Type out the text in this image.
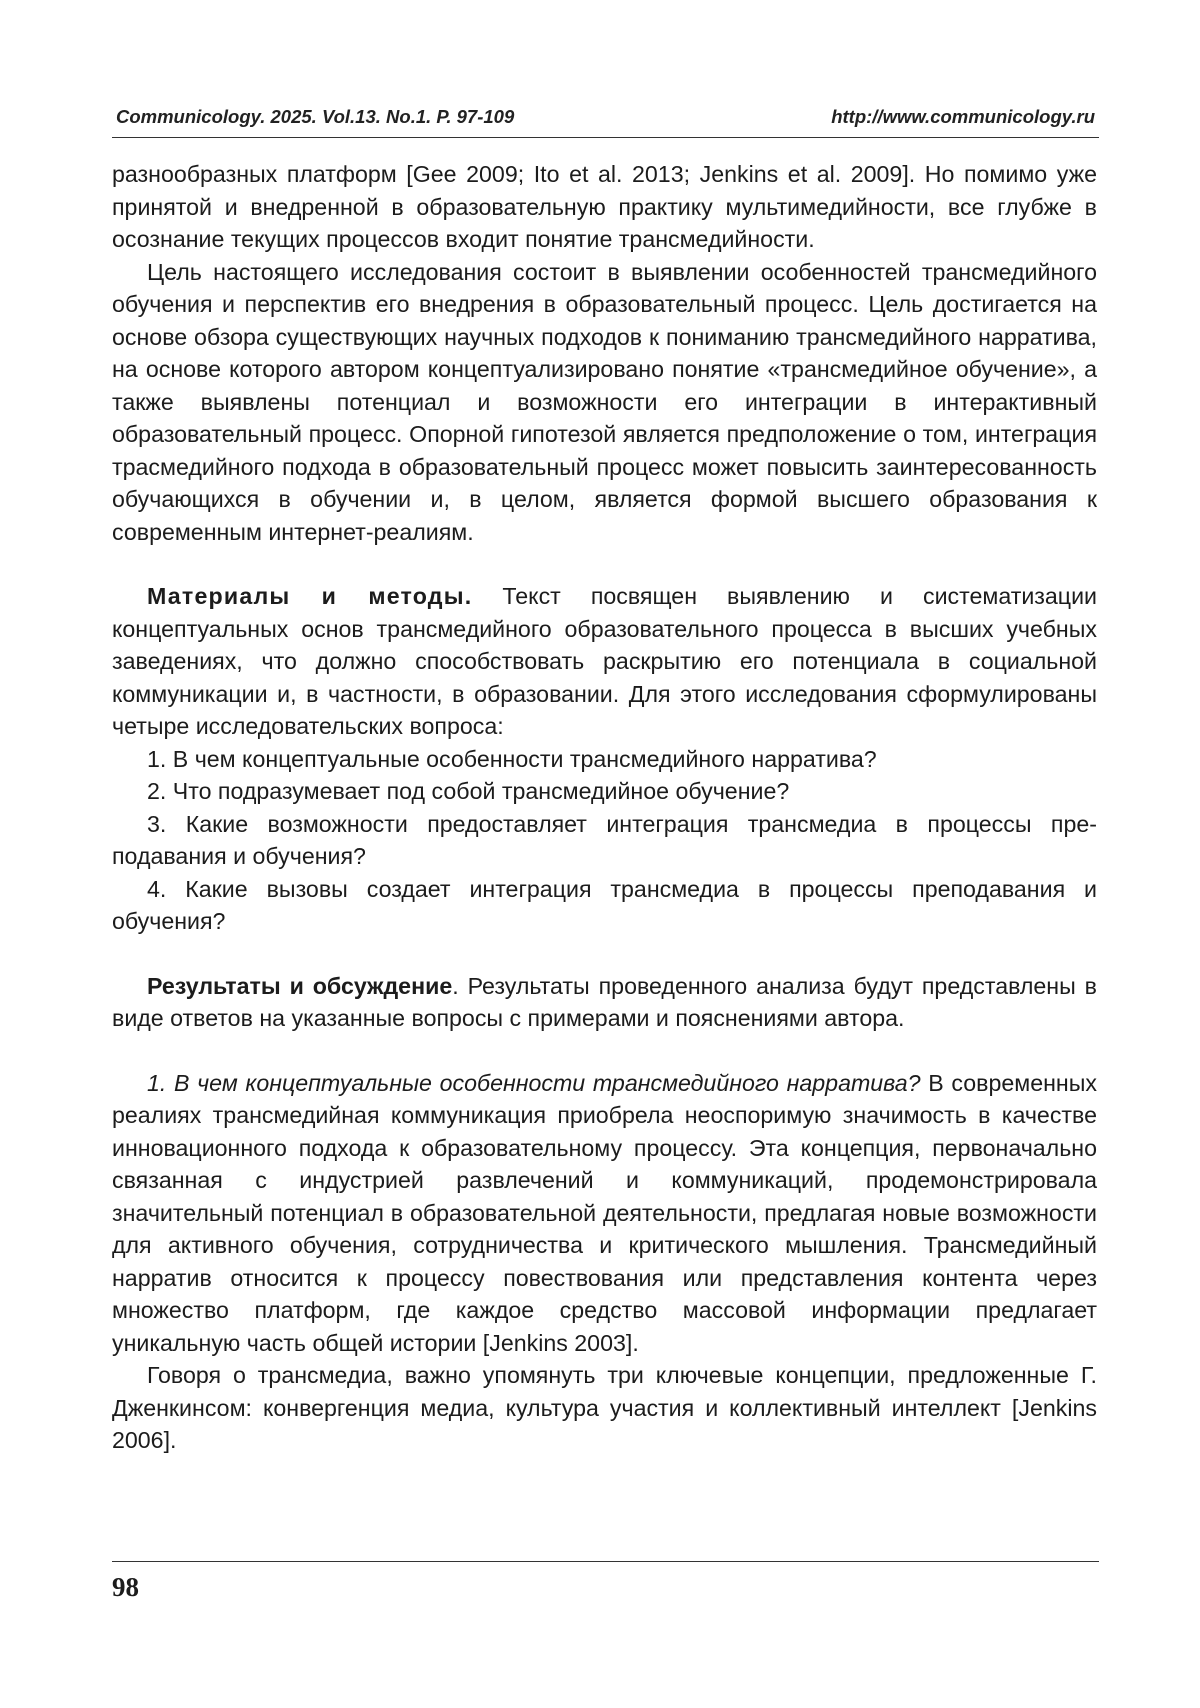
Communicology. 2025. Vol.13. No.1. P. 97-109	http://www.communicology.ru

разнообразных платформ [Gee 2009; Ito et al. 2013; Jenkins et al. 2009]. Но помимо уже принятой и внедренной в образовательную практику мультимедийности, все глубже в осознание текущих процессов входит понятие трансмедийности.

Цель настоящего исследования состоит в выявлении особенностей трансмедийного обучения и перспектив его внедрения в образовательный процесс. Цель достигается на основе обзора существующих научных подходов к пониманию трансмедийного нарратива, на основе которого автором концептуализировано понятие «трансмедийное обучение», а также выявлены потенциал и возможности его интеграции в интерактивный образовательный процесс. Опорной гипотезой является предположение о том, интеграция трасмедийного подхода в образовательный процесс может повысить заинтересованность обучающихся в обучении и, в целом, является формой высшего образования к современным интернет-реалиям.

Материалы и методы. Текст посвящен выявлению и систематизации концептуальных основ трансмедийного образовательного процесса в высших учебных заведениях, что должно способствовать раскрытию его потенциала в социальной коммуникации и, в частности, в образовании. Для этого исследования сформулированы четыре исследовательских вопроса:

1. В чем концептуальные особенности трансмедийного нарратива?

2. Что подразумевает под собой трансмедийное обучение?

3. Какие возможности предоставляет интеграция трансмедиа в процессы преподавания и обучения?

4. Какие вызовы создает интеграция трансмедиа в процессы преподавания и обучения?

Результаты и обсуждение. Результаты проведенного анализа будут представлены в виде ответов на указанные вопросы с примерами и пояснениями автора.

1. В чем концептуальные особенности трансмедийного нарратива? В современных реалиях трансмедийная коммуникация приобрела неоспоримую значимость в качестве инновационного подхода к образовательному процессу. Эта концепция, первоначально связанная с индустрией развлечений и коммуникаций, продемонстрировала значительный потенциал в образовательной деятельности, предлагая новые возможности для активного обучения, сотрудничества и критического мышления. Трансмедийный нарратив относится к процессу повествования или представления контента через множество платформ, где каждое средство массовой информации предлагает уникальную часть общей истории [Jenkins 2003].

Говоря о трансмедиа, важно упомянуть три ключевые концепции, предложенные Г. Дженкинсом: конвергенция медиа, культура участия и коллективный интеллект [Jenkins 2006].

98
